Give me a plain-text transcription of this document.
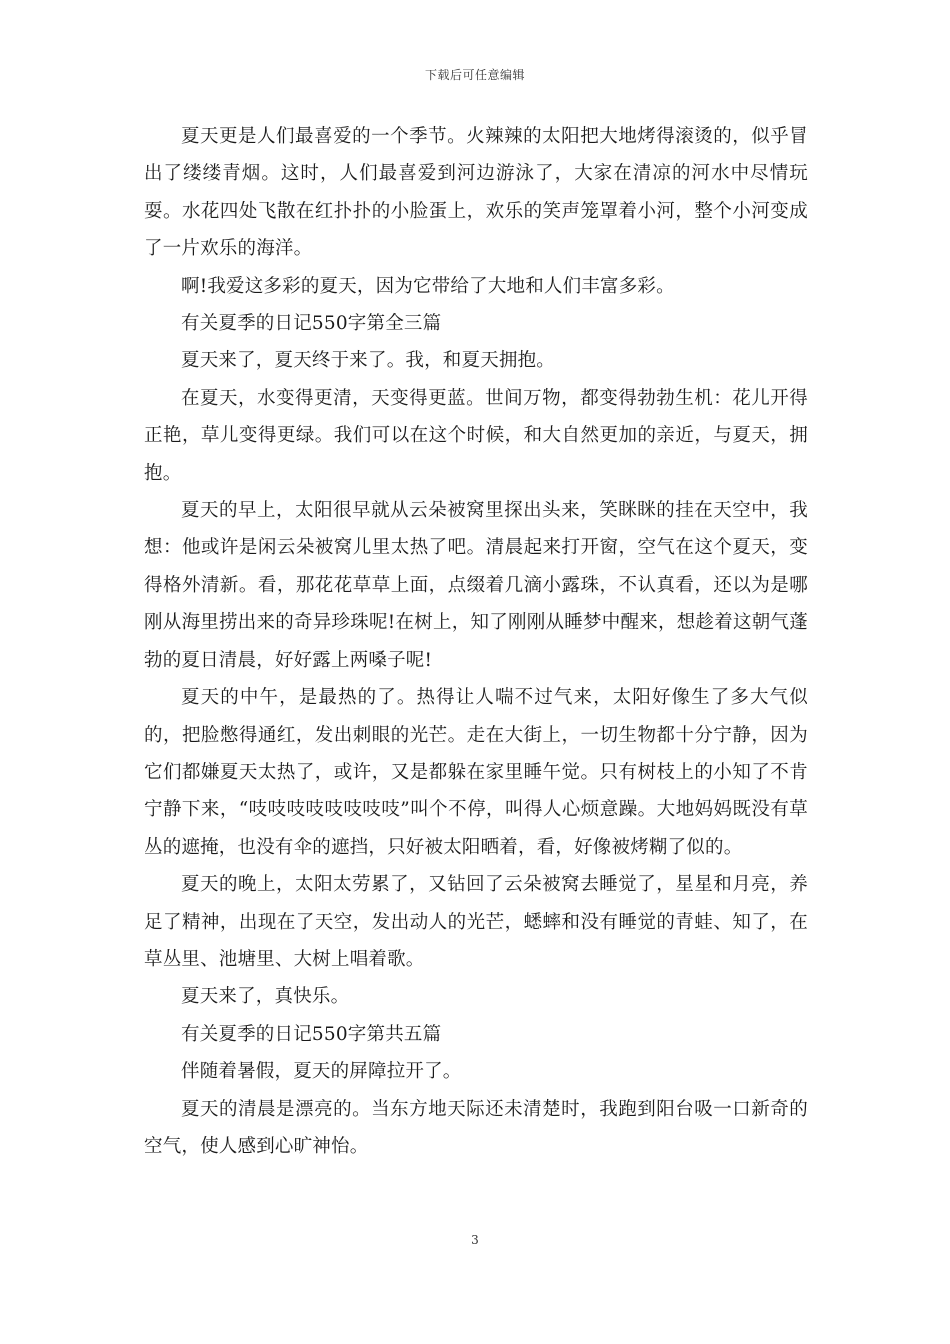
下载后可任意编辑

夏天更是人们最喜爱的一个季节。火辣辣的太阳把大地烤得滚烫的，似乎冒出了缕缕青烟。这时，人们最喜爱到河边游泳了，大家在清凉的河水中尽情玩耍。水花四处飞散在红扑扑的小脸蛋上，欢乐的笑声笼罩着小河，整个小河变成了一片欢乐的海洋。

啊!我爱这多彩的夏天，因为它带给了大地和人们丰富多彩。

有关夏季的日记550字第全三篇

夏天来了，夏天终于来了。我，和夏天拥抱。

在夏天，水变得更清，天变得更蓝。世间万物，都变得勃勃生机：花儿开得正艳，草儿变得更绿。我们可以在这个时候，和大自然更加的亲近，与夏天，拥抱。

夏天的早上，太阳很早就从云朵被窝里探出头来，笑眯眯的挂在天空中，我想：他或许是闲云朵被窝儿里太热了吧。清晨起来打开窗，空气在这个夏天，变得格外清新。看，那花花草草上面，点缀着几滴小露珠，不认真看，还以为是哪刚从海里捞出来的奇异珍珠呢!在树上，知了刚刚从睡梦中醒来，想趁着这朝气蓬勃的夏日清晨，好好露上两嗓子呢!

夏天的中午，是最热的了。热得让人喘不过气来，太阳好像生了多大气似的，把脸憋得通红，发出刺眼的光芒。走在大街上，一切生物都十分宁静，因为它们都嫌夏天太热了，或许，又是都躲在家里睡午觉。只有树枝上的小知了不肯宁静下来，“吱吱吱吱吱吱吱吱”叫个不停，叫得人心烦意躁。大地妈妈既没有草丛的遮掩，也没有伞的遮挡，只好被太阳晒着，看，好像被烤糊了似的。

夏天的晚上，太阳太劳累了，又钻回了云朵被窝去睡觉了，星星和月亮，养足了精神，出现在了天空，发出动人的光芒，蟋蟀和没有睡觉的青蛙、知了，在草丛里、池塘里、大树上唱着歌。

夏天来了，真快乐。

有关夏季的日记550字第共五篇

伴随着暑假，夏天的屏障拉开了。

夏天的清晨是漂亮的。当东方地天际还未清楚时，我跑到阳台吸一口新奇的空气，使人感到心旷神怡。

3
